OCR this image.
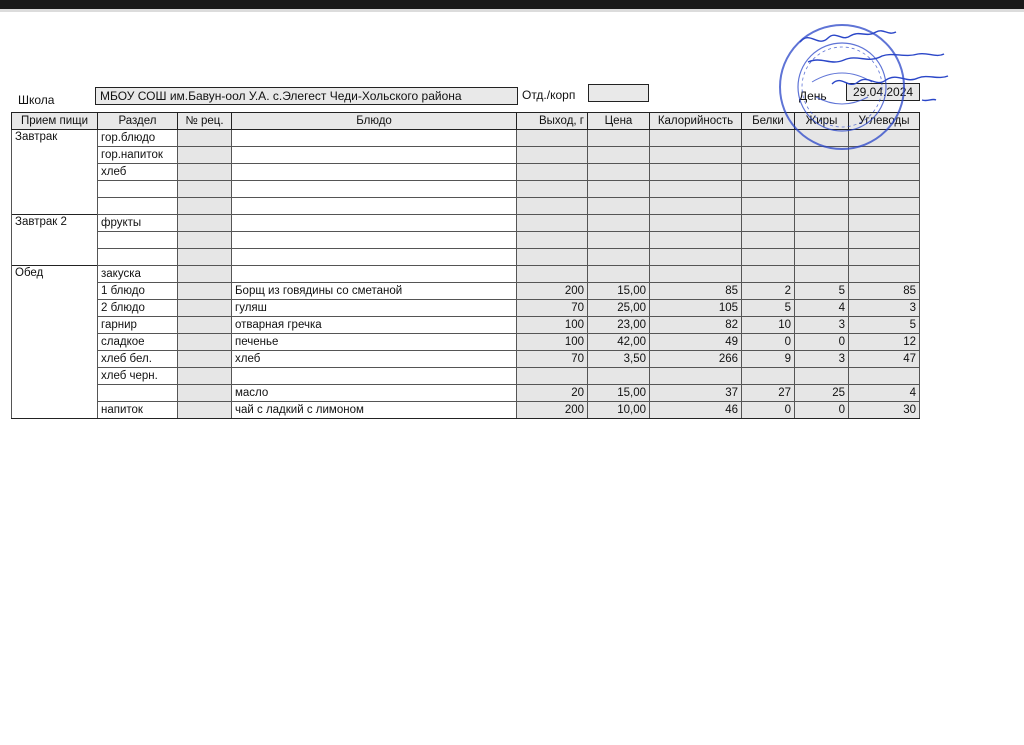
Школа	МБОУ СОШ им.Бавун-оол У.А. с.Элегест Чеди-Хольского района	Отд./корп	День	29.04.2024
Прием пищи	Раздел	№ рец.	Блюдо	Выход, г	Цена	Калорийность	Белки	Жиры	Углеводы
Завтрак	гор.блюдо								
	гор.напиток								
	хлеб								

Завтрак 2	фрукты								

Обед	закуска								
	1 блюдо		Борщ из говядины со сметаной	200	15,00	85	2	5	85
	2 блюдо		гуляш	70	25,00	105	5	4	3
	гарнир		отварная гречка	100	23,00	82	10	3	5
	сладкое		печенье	100	42,00	49	0	0	12
	хлеб бел.		хлеб	70	3,50	266	9	3	47
	хлеб черн.								
			масло	20	15,00	37	27	25	4
	напиток		чай с ладкий с лимоном	200	10,00	46	0	0	30
